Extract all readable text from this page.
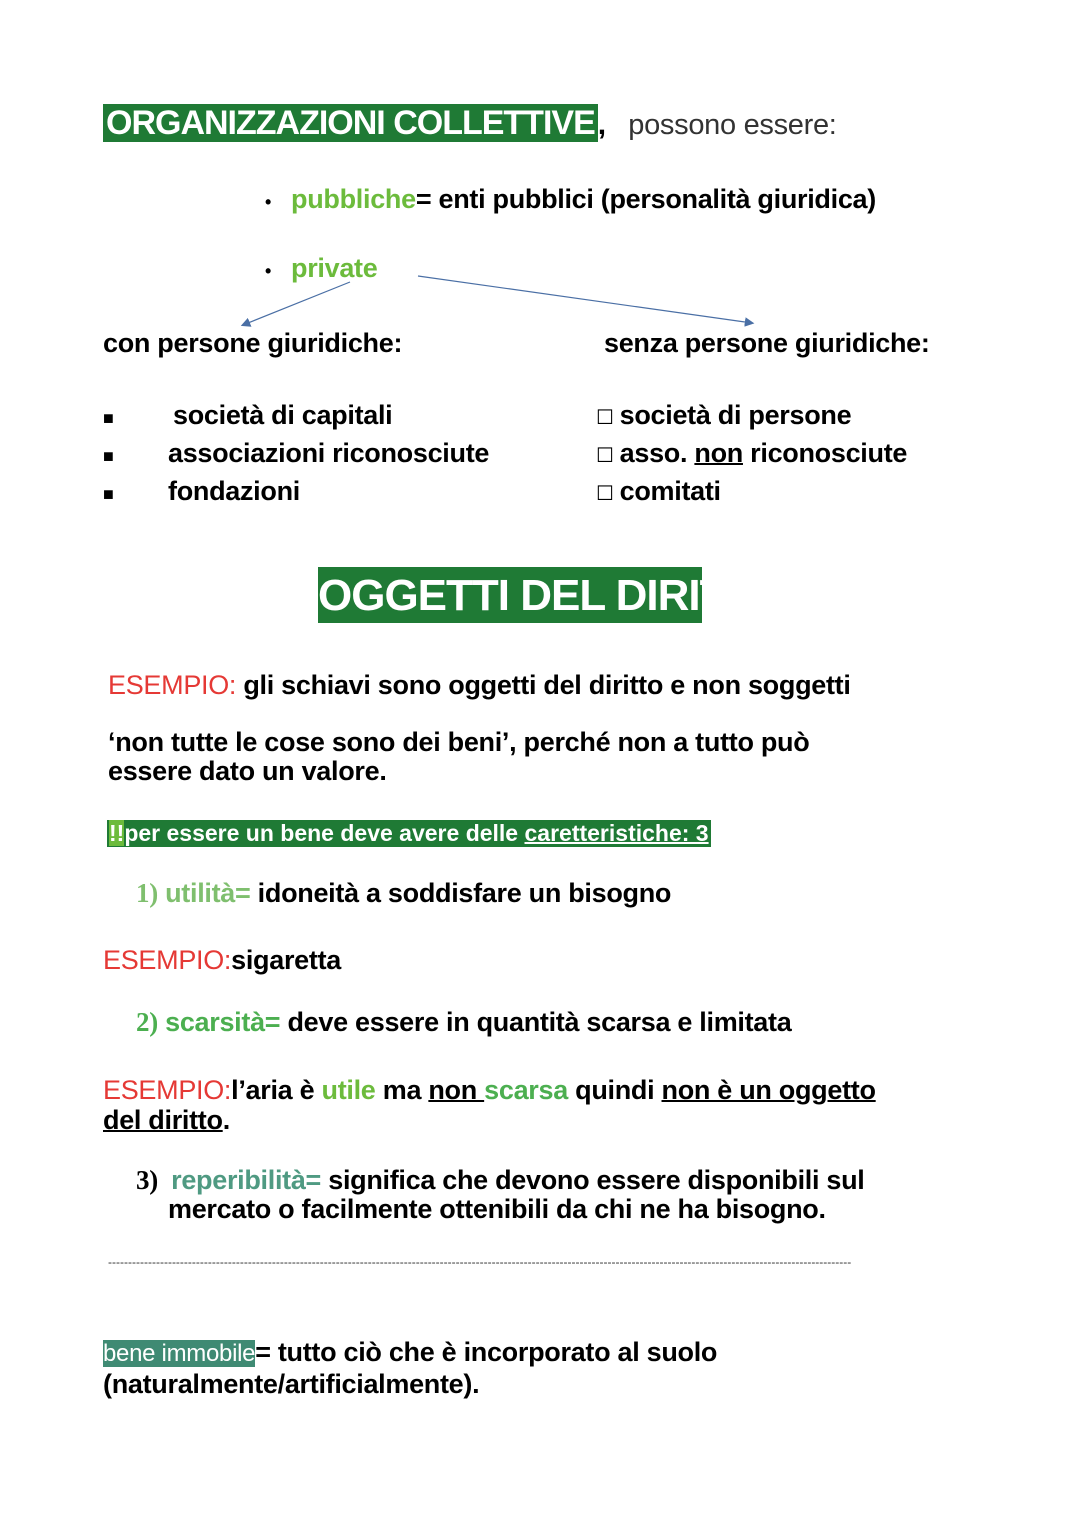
ORGANIZZAZIONI COLLETTIVE , possono essere:
• pubbliche= enti pubblici (personalità giuridica)
• private
con persone giuridiche:	senza persone giuridiche:
■ società di capitali
■ associazioni riconosciute
■ fondazioni
☐ società di persone
☐ asso. non riconosciute
☐ comitati
OGGETTI DEL DIRITTO
ESEMPIO: gli schiavi sono oggetti del diritto e non soggetti
‘non tutte le cose sono dei beni’, perché non a tutto può
essere dato un valore.
!!per essere un bene deve avere delle caretteristiche: 3
1) utilità= idoneità a soddisfare un bisogno
ESEMPIO:sigaretta
2) scarsità= deve essere in quantità scarsa e limitata
ESEMPIO:l’aria è utile ma non scarsa quindi non è un oggetto
del diritto.
3) reperibilità= significa che devono essere disponibili sul
mercato o facilmente ottenibili da chi ne ha bisogno.
------------------------------------------------------------------------------------------------------------------------------------------------------------------------------------------
bene immobile= tutto ciò che è incorporato al suolo
(naturalmente/artificialmente).
